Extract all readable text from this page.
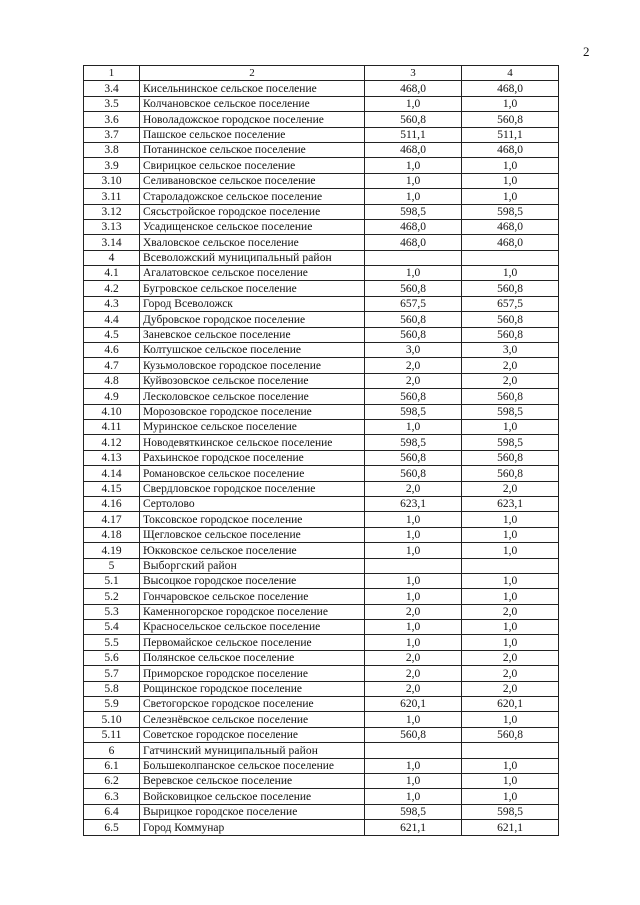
2
1	2	3	4
3.4	Кисельнинское сельское поселение	468,0	468,0
3.5	Колчановское сельское поселение	1,0	1,0
3.6	Новоладожское городское поселение	560,8	560,8
3.7	Пашское сельское поселение	511,1	511,1
3.8	Потанинское сельское поселение	468,0	468,0
3.9	Свирицкое сельское поселение	1,0	1,0
3.10	Селивановское сельское поселение	1,0	1,0
3.11	Староладожское сельское поселение	1,0	1,0
3.12	Сясьстройское городское поселение	598,5	598,5
3.13	Усадищенское сельское поселение	468,0	468,0
3.14	Хваловское сельское поселение	468,0	468,0
4	Всеволожский муниципальный район		
4.1	Агалатовское сельское поселение	1,0	1,0
4.2	Бугровское сельское поселение	560,8	560,8
4.3	Город Всеволожск	657,5	657,5
4.4	Дубровское городское поселение	560,8	560,8
4.5	Заневское сельское поселение	560,8	560,8
4.6	Колтушское сельское поселение	3,0	3,0
4.7	Кузьмоловское городское поселение	2,0	2,0
4.8	Куйвозовское сельское поселение	2,0	2,0
4.9	Лесколовское сельское поселение	560,8	560,8
4.10	Морозовское городское поселение	598,5	598,5
4.11	Муринское сельское поселение	1,0	1,0
4.12	Новодевяткинское сельское поселение	598,5	598,5
4.13	Рахьинское городское поселение	560,8	560,8
4.14	Романовское сельское поселение	560,8	560,8
4.15	Свердловское городское поселение	2,0	2,0
4.16	Сертолово	623,1	623,1
4.17	Токсовское городское поселение	1,0	1,0
4.18	Щегловское сельское поселение	1,0	1,0
4.19	Юкковское сельское поселение	1,0	1,0
5	Выборгский район		
5.1	Высоцкое городское поселение	1,0	1,0
5.2	Гончаровское сельское поселение	1,0	1,0
5.3	Каменногорское городское поселение	2,0	2,0
5.4	Красносельское сельское поселение	1,0	1,0
5.5	Первомайское сельское поселение	1,0	1,0
5.6	Полянское сельское поселение	2,0	2,0
5.7	Приморское городское поселение	2,0	2,0
5.8	Рощинское городское поселение	2,0	2,0
5.9	Светогорское городское поселение	620,1	620,1
5.10	Селезнёвское сельское поселение	1,0	1,0
5.11	Советское городское поселение	560,8	560,8
6	Гатчинский муниципальный район		
6.1	Большеколпанское сельское поселение	1,0	1,0
6.2	Веревское сельское поселение	1,0	1,0
6.3	Войсковицкое сельское поселение	1,0	1,0
6.4	Вырицкое городское поселение	598,5	598,5
6.5	Город Коммунар	621,1	621,1
